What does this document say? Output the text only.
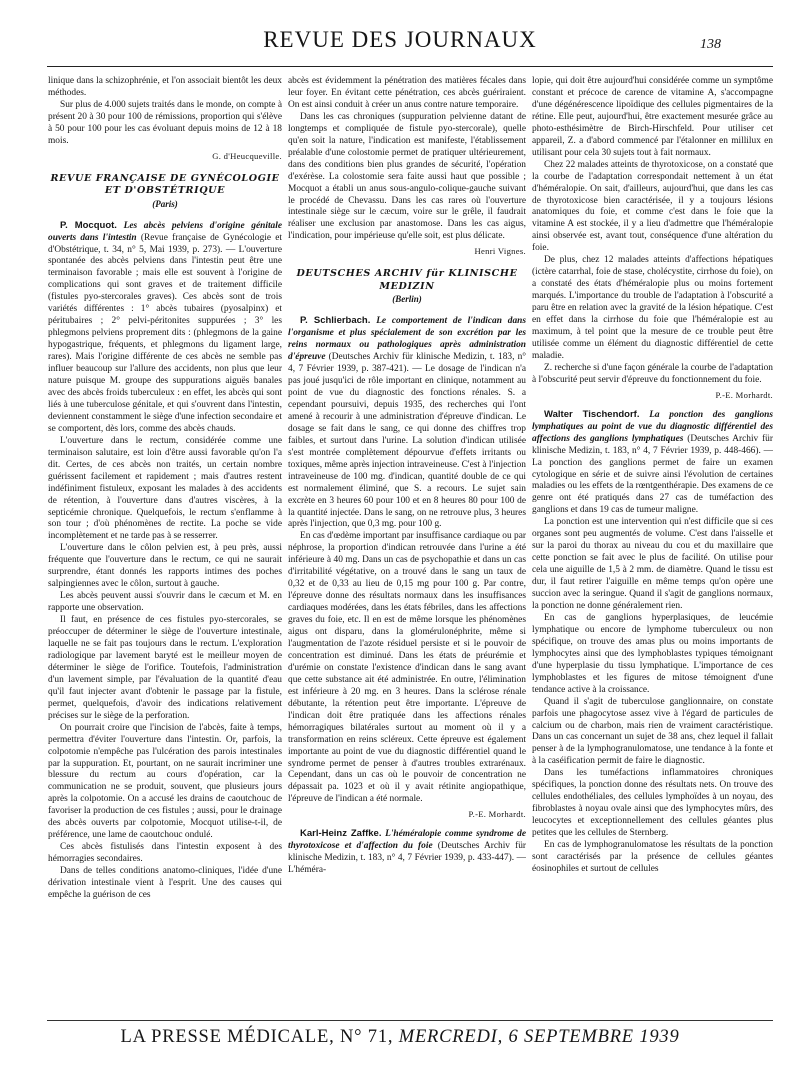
REVUE DES JOURNAUX	138

linique dans la schizophrénie, et l'on associait bientôt les deux méthodes.

Sur plus de 4.000 sujets traités dans le monde, on compte à présent 20 à 30 pour 100 de rémissions, proportion qui s'élève à 50 pour 100 pour les cas évoluant depuis moins de 12 à 18 mois.

G. d'Heucqueville.
REVUE FRANÇAISE DE GYNÉCOLOGIE ET D'OBSTÉTRIQUE
(Paris)

P. Mocquot. Les abcès pelviens d'origine génitale ouverts dans l'intestin (Revue française de Gynécologie et d'Obstétrique, t. 34, n° 5, Mai 1939, p. 273). — L'ouverture spontanée des abcès pelviens dans l'intestin peut être une terminaison favorable ; mais elle est souvent à l'origine de complications qui sont graves et de traitement difficile (fistules pyo-stercorales graves). Ces abcès sont de trois variétés différentes : 1° abcès tubaires (pyosalpinx) et péritubaires ; 2° pelvi-péritonites suppurées ; 3° les phlegmons pelviens proprement dits : (phlegmons de la gaine hypogastrique, fréquents, et phlegmons du ligament large, rares). Mais l'origine différente de ces abcès ne semble pas influer beaucoup sur l'allure des accidents, non plus que leur nature puisque M. groupe des suppurations aiguës banales avec des abcès froids tuberculeux : en effet, les abcès qui sont liés à une tuberculose génitale, et qui s'ouvrent dans l'intestin, deviennent constamment le siège d'une infection secondaire et se comportent, dès lors, comme des abcès chauds.

L'ouverture dans le rectum, considérée comme une terminaison salutaire, est loin d'être aussi favorable qu'on l'a dit. Certes, de ces abcès non traités, un certain nombre guérissent facilement et rapidement ; mais d'autres restent indéfiniment fistuleux, exposant les malades à des accidents de rétention, à l'ouverture dans d'autres viscères, à la septicémie chronique. Quelquefois, le rectum s'enflamme à son tour ; d'où phénomènes de rectite. La poche se vide incomplètement et ne tarde pas à se resserrer.

L'ouverture dans le côlon pelvien est, à peu près, aussi fréquente que l'ouverture dans le rectum, ce qui ne saurait surprendre, étant donnés les rapports intimes des poches salpingiennes avec le côlon, surtout à gauche.

Les abcès peuvent aussi s'ouvrir dans le cæcum et M. en rapporte une observation.

Il faut, en présence de ces fistules pyo-stercorales, se préoccuper de déterminer le siège de l'ouverture intestinale, laquelle ne se fait pas toujours dans le rectum. L'exploration radiologique par lavement baryté est le meilleur moyen de déterminer le siège de l'orifice. Toutefois, l'administration d'un lavement simple, par l'évaluation de la quantité d'eau qu'il faut injecter avant d'obtenir le passage par la fistule, permet, quelquefois, d'avoir des indications relativement précises sur le siège de la perforation.

On pourrait croire que l'incision de l'abcès, faite à temps, permettra d'éviter l'ouverture dans l'intestin. Or, parfois, la colpotomie n'empêche pas l'ulcération des parois intestinales par la suppuration. Et, pourtant, on ne saurait incriminer une blessure du rectum au cours d'opération, car la communication ne se produit, souvent, que plusieurs jours après la colpotomie. On a accusé les drains de caoutchouc de favoriser la production de ces fistules ; aussi, pour le drainage des abcès ouverts par colpotomie, Mocquot utilise-t-il, de préférence, une lame de caoutchouc ondulé.

Ces abcès fistulisés dans l'intestin exposent à des hémorragies secondaires.

Dans de telles conditions anatomo-cliniques, l'idée d'une dérivation intestinale vient à l'esprit. Une des causes qui empêche la guérison de ces

abcès est évidemment la pénétration des matières fécales dans leur foyer. En évitant cette pénétration, ces abcès guériraient. On est ainsi conduit à créer un anus contre nature temporaire.

Dans les cas chroniques (suppuration pelvienne datant de longtemps et compliquée de fistule pyo-stercorale), quelle qu'en soit la nature, l'indication est manifeste, l'établissement préalable d'une colostomie permet de pratiquer ultérieurement, dans des conditions bien plus grandes de sécurité, l'opération d'exérèse. La colostomie sera faite aussi haut que possible ; Mocquot a établi un anus sous-angulo-colique-gauche suivant le procédé de Chevassu. Dans les cas rares où l'ouverture intestinale siège sur le cæcum, voire sur le grêle, il faudrait réaliser une exclusion par anastomose. Dans les cas aigus, l'indication, pour impérieuse qu'elle soit, est plus délicate.

Henri Vignes.
DEUTSCHES ARCHIV für KLINISCHE MEDIZIN
(Berlin)

P. Schlierbach. Le comportement de l'indican dans l'organisme et plus spécialement de son excrétion par les reins normaux ou pathologiques après administration d'épreuve (Deutsches Archiv für klinische Medizin, t. 183, n° 4, 7 Février 1939, p. 387-421). — Le dosage de l'indican n'a pas joué jusqu'ici de rôle important en clinique, notamment au point de vue du diagnostic des fonctions rénales. S. a cependant poursuivi, depuis 1935, des recherches qui l'ont amené à recourir à une administration d'épreuve d'indican. Le dosage se fait dans le sang, ce qui donne des chiffres trop faibles, et surtout dans l'urine. La solution d'indican utilisée s'est montrée complètement dépourvue d'effets irritants ou toxiques, même après injection intraveineuse. C'est à l'injection intraveineuse de 100 mg. d'indican, quantité double de ce qui est normalement éliminé, que S. a recours. Le sujet sain excrète en 3 heures 60 pour 100 et en 8 heures 80 pour 100 de la quantité injectée. Dans le sang, on ne retrouve plus, 3 heures après l'injection, que 0,3 mg. pour 100 g.

En cas d'œdème important par insuffisance cardiaque ou par néphrose, la proportion d'indican retrouvée dans l'urine a été inférieure à 40 mg. Dans un cas de psychopathie et dans un cas d'irritabilité végétative, on a trouvé dans le sang un taux de 0,32 et de 0,33 au lieu de 0,15 mg pour 100 g. Par contre, l'épreuve donne des résultats normaux dans les insuffisances cardiaques modérées, dans les états fébriles, dans les affections graves du foie, etc. Il en est de même lorsque les phénomènes aigus ont disparu, dans la glomérulonéphrite, même si l'augmentation de l'azote résiduel persiste et si le pouvoir de concentration est diminué. Dans les états de préurémie et d'urémie on constate l'existence d'indican dans le sang avant que cette substance ait été administrée. En outre, l'élimination est inférieure à 20 mg. en 3 heures. Dans la sclérose rénale débutante, la rétention peut être importante. L'épreuve de l'indican doit être pratiquée dans les affections rénales hémorragiques bilatérales surtout au moment où il y a transformation en reins scléreux. Cette épreuve est également importante au point de vue du diagnostic différentiel quand le syndrome permet de penser à d'autres troubles extrarénaux. Cependant, dans un cas où le pouvoir de concentration ne dépassait pa. 1023 et où il y avait rétinite angiopathique, l'épreuve de l'indican a été normale.

P.-E. Morhardt.

Karl-Heinz Zaffke. L'héméralopie comme syndrome de thyrotoxicose et d'affection du foie (Deutsches Archiv für klinische Medizin, t. 183, n° 4, 7 Février 1939, p. 433-447). — L'héméra-

lopie, qui doit être aujourd'hui considérée comme un symptôme constant et précoce de carence de vitamine A, s'accompagne d'une dégénérescence lipoïdique des cellules pigmentaires de la rétine. Elle peut, aujourd'hui, être exactement mesurée grâce au photo-esthésimètre de Birch-Hirschfeld. Pour utiliser cet appareil, Z. a d'abord commencé par l'étalonner en millilux en utilisant pour cela 30 sujets tout à fait normaux.

Chez 22 malades atteints de thyrotoxicose, on a constaté que la courbe de l'adaptation correspondait nettement à un état d'héméralopie. On sait, d'ailleurs, aujourd'hui, que dans les cas de thyrotoxicose bien caractérisée, il y a toujours lésions anatomiques du foie, et comme c'est dans le foie que la vitamine A est stockée, il y a lieu d'admettre que l'héméralopie ainsi observée est, avant tout, conséquence d'une altération du foie.

De plus, chez 12 malades atteints d'affections hépatiques (ictère catarrhal, foie de stase, cholécystite, cirrhose du foie), on a constaté des états d'héméralopie plus ou moins fortement marqués. L'importance du trouble de l'adaptation à l'obscurité a paru être en relation avec la gravité de la lésion hépatique. C'est en effet dans la cirrhose du foie que l'héméralopie est au maximum, à tel point que la mesure de ce trouble peut être utilisée comme un élément du diagnostic différentiel de cette maladie.

Z. recherche si d'une façon générale la courbe de l'adaptation à l'obscurité peut servir d'épreuve du fonctionnement du foie.

P.-E. Morhardt.

Walter Tischendorf. La ponction des ganglions lymphatiques au point de vue du diagnostic différentiel des affections des ganglions lymphatiques (Deutsches Archiv für klinische Medizin, t. 183, n° 4, 7 Février 1939, p. 448-466). — La ponction des ganglions permet de faire un examen cytologique en série et de suivre ainsi l'évolution de certaines maladies ou les effets de la rœntgenthérapie. Des examens de ce genre ont été pratiqués dans 27 cas de tuméfaction des ganglions et dans 19 cas de tumeur maligne.

La ponction est une intervention qui n'est difficile que si ces organes sont peu augmentés de volume. C'est dans l'aisselle et sur la paroi du thorax au niveau du cou et du maxillaire que cette ponction se fait avec le plus de facilité. On utilise pour cela une aiguille de 1,5 à 2 mm. de diamètre. Quand le tissu est dur, il faut retirer l'aiguille en même temps qu'on opère une succion avec la seringue. Quand il s'agit de ganglions normaux, la ponction ne donne généralement rien.

En cas de ganglions hyperplasiques, de leucémie lymphatique ou encore de lymphome tuberculeux ou non spécifique, on trouve des amas plus ou moins importants de lymphocytes ainsi que des lymphoblastes typiques témoignant d'une hyperplasie du tissu lymphatique. L'importance de ces lymphoblastes et les figures de mitose témoignent d'une tendance active à la croissance.

Quand il s'agit de tuberculose ganglionnaire, on constate parfois une phagocytose assez vive à l'égard de particules de calcium ou de charbon, mais rien de vraiment caractéristique. Dans un cas concernant un sujet de 38 ans, chez lequel il fallait penser à de la lymphogranulomatose, une tendance à la fonte et à la caséification permit de faire le diagnostic.

Dans les tuméfactions inflammatoires chroniques spécifiques, la ponction donne des résultats nets. On trouve des cellules endothéliales, des cellules lymphoïdes à un noyau, des fibroblastes à noyau ovale ainsi que des lymphocytes mûrs, des leucocytes et exceptionnellement des cellules géantes plus petites que les cellules de Sternberg.

En cas de lymphogranulomatose les résultats de la ponction sont caractérisés par la présence de cellules géantes éosinophiles et surtout de cellules

LA PRESSE MÉDICALE, N° 71, MERCREDI, 6 SEPTEMBRE 1939
